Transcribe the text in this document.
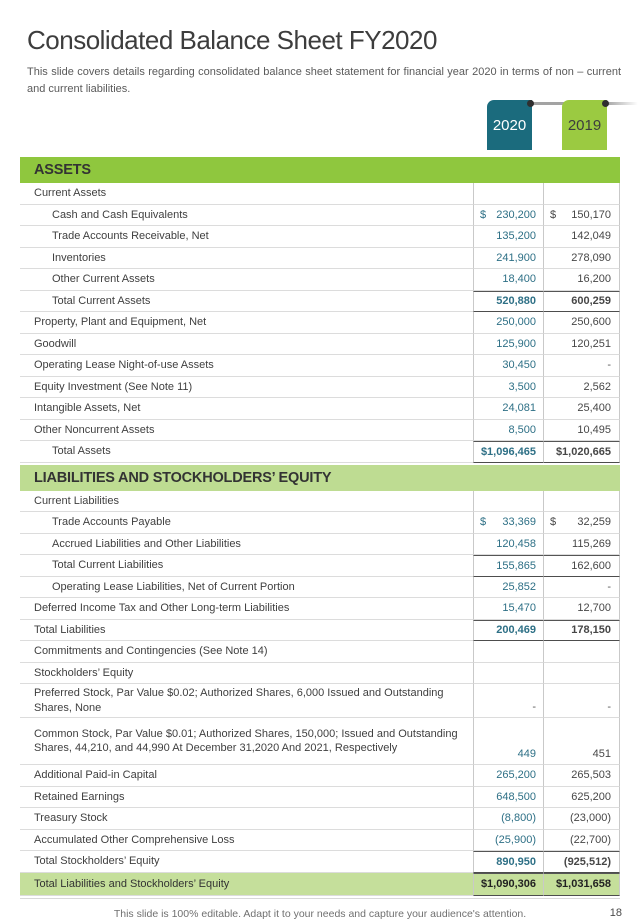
Consolidated Balance Sheet FY2020
This slide covers details regarding consolidated balance sheet statement for financial year 2020 in terms of non – current and current liabilities.
2020	2019
ASSETS
Current Assets
Cash and Cash Equivalents	$ 230,200 $ 150,170
Trade Accounts Receivable, Net	135,200	142,049
Inventories	241,900	278,090
Other Current Assets	18,400	16,200
Total Current Assets	520,880	600,259
Property, Plant and Equipment, Net	250,000	250,600
Goodwill	125,900	120,251
Operating Lease Night-of-use Assets	30,450	-
Equity Investment (See Note 11)	3,500	2,562
Intangible Assets, Net	24,081	25,400
Other Noncurrent Assets	8,500	10,495
Total Assets	$1,096,465 $1,020,665
LIABILITIES AND STOCKHOLDERS’ EQUITY
Current Liabilities
Trade Accounts Payable	$ 33,369 $ 32,259
Accrued Liabilities and Other Liabilities	120,458	115,269
Total Current Liabilities	155,865	162,600
Operating Lease Liabilities, Net of Current Portion	25,852	-
Deferred Income Tax and Other Long-term Liabilities	15,470	12,700
Total Liabilities	200,469	178,150
Commitments and Contingencies (See Note 14)
Stockholders’ Equity
Preferred Stock, Par Value $0.02; Authorized Shares, 6,000 Issued and Outstanding Shares, None	-	-
Common Stock, Par Value $0.01; Authorized Shares, 150,000; Issued and Outstanding Shares, 44,210, and 44,990 At December 31,2020 And 2021, Respectively	449	451
Additional Paid-in Capital	265,200	265,503
Retained Earnings	648,500	625,200
Treasury Stock	(8,800)	(23,000)
Accumulated Other Comprehensive Loss	(25,900)	(22,700)
Total Stockholders’ Equity	890,950	(925,512)
Total Liabilities and Stockholders’ Equity	$1,090,306 $1,031,658
This slide is 100% editable. Adapt it to your needs and capture your audience's attention.	18
